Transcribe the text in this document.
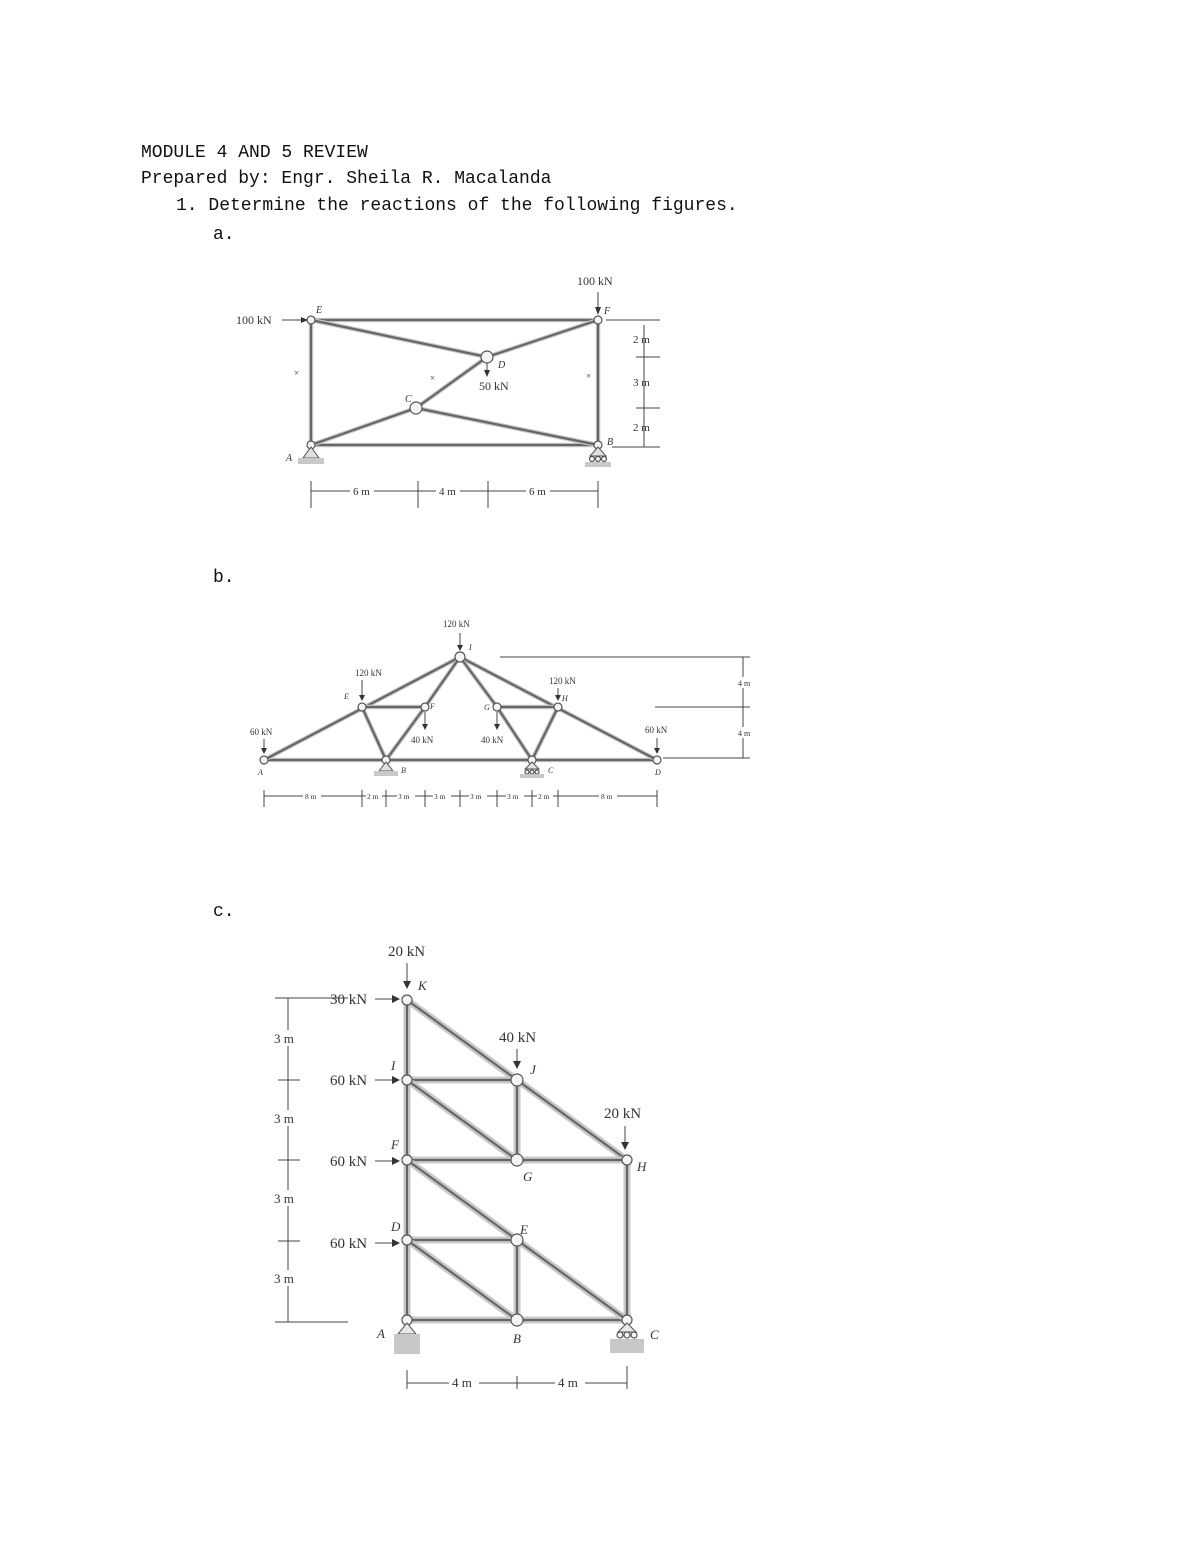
MODULE 4 AND 5 REVIEW
Prepared by: Engr. Sheila R. Macalanda
1. Determine the reactions of the following figures.
a.
b.
c.
100 kN
100 kN
50 kN
A
B
C
D
E	F
2 m
3 m
2 m
6 m	4 m	6 m
×	×	×
120 kN
120 kN
120 kN
60 kN	60 kN
40 kN	40 kN
A	B	C	D
E
F	G
H
I
4 m
4 m
8 m	2 m	3 m	3 m	3 m	3 m	2 m	8 m
20 kN
30 kN
40 kN
60 kN
20 kN
60 kN
60 kN
K
I	J
F
G
H
D	E
A	B	C
3 m
3 m
3 m
3 m
4 m	4 m
